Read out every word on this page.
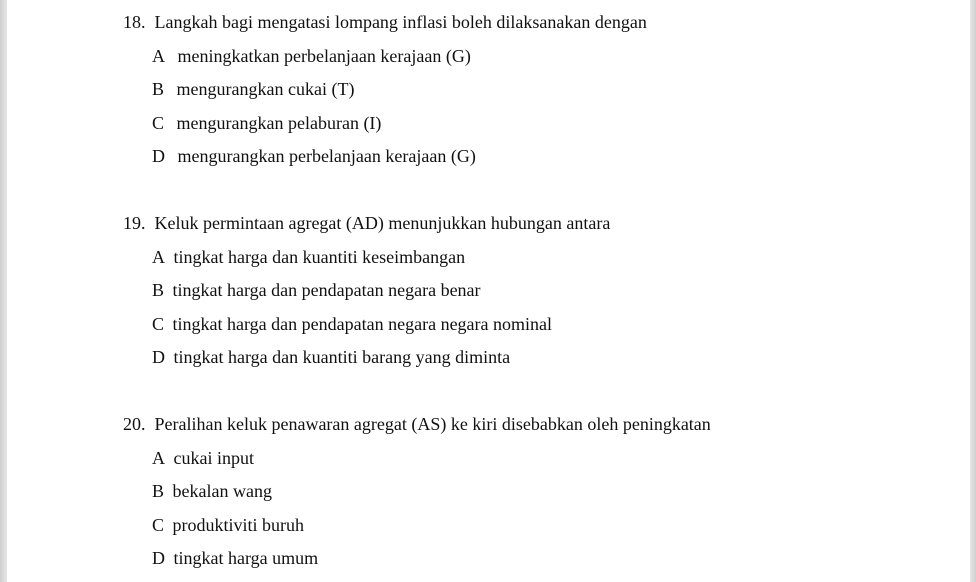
18.  Langkah bagi mengatasi lompang inflasi boleh dilaksanakan dengan
A meningkatkan perbelanjaan kerajaan (G)
B mengurangkan cukai (T)
C mengurangkan pelaburan (I)
D mengurangkan perbelanjaan kerajaan (G)
19.  Keluk permintaan agregat (AD) menunjukkan hubungan antara
A tingkat harga dan kuantiti keseimbangan
B tingkat harga dan pendapatan negara benar
C tingkat harga dan pendapatan negara negara nominal
D tingkat harga dan kuantiti barang yang diminta
20.  Peralihan keluk penawaran agregat (AS) ke kiri disebabkan oleh peningkatan
A cukai input
B bekalan wang
C produktiviti buruh
D tingkat harga umum
